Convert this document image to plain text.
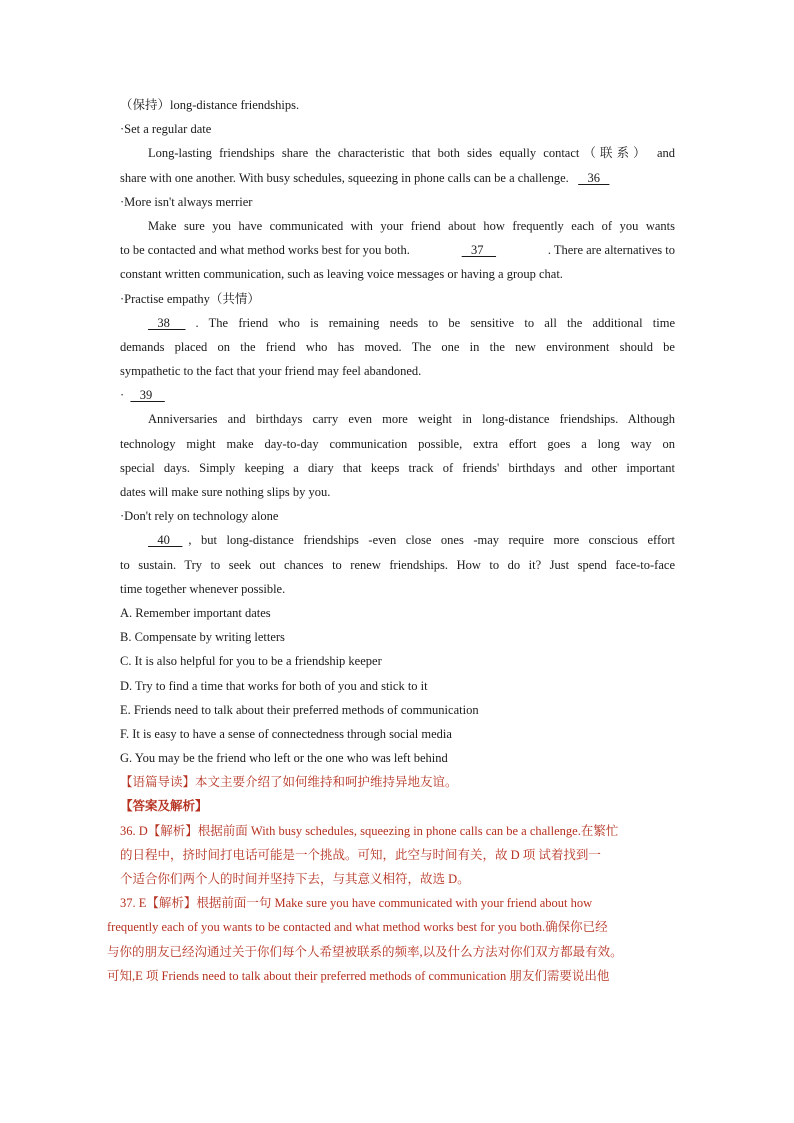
（保持）long-distance friendships.
·Set a regular date
Long-lasting friendships share the characteristic that both sides equally contact（联系） and
share with one another. With busy schedules, squeezing in phone calls can be a challenge.      36
·More isn't always merrier
Make sure you have communicated with your friend about how frequently each of you wants
to be contacted and what method works best for you both.	37	. There are alternatives to
constant written communication, such as leaving voice messages or having a group chat.
·Practise empathy（共情）
38 . The friend who is remaining needs to be sensitive to all the additional time
demands placed on the friend who has moved. The one in the new environment should be
sympathetic to the fact that your friend may feel abandoned.
·     39
Anniversaries and birthdays carry even more weight in long-distance friendships. Although
technology might make day-to-day communication possible, extra effort goes a long way on
special days. Simply keeping a diary that keeps track of friends' birthdays and other important
dates will make sure nothing slips by you.
·Don't rely on technology alone
40 , but long-distance friendships -even close ones -may require more conscious effort
to sustain. Try to seek out chances to renew friendships. How to do it? Just spend face-to-face
time together whenever possible.
A. Remember important dates
B. Compensate by writing letters
C. It is also helpful for you to be a friendship keeper
D. Try to find a time that works for both of you and stick to it
E. Friends need to talk about their preferred methods of communication
F. It is easy to have a sense of connectedness through social media
G. You may be the friend who left or the one who was left behind
【语篇导读】本文主要介绍了如何维持和呵护维持异地友谊。
【答案及解析】
36. D【解析】根据前面 With busy schedules, squeezing in phone calls can be a challenge.在繁忙
的日程中，挤时间打电话可能是一个挑战。可知，此空与时间有关，故 D 项 试着找到一
个适合你们两个人的时间并坚持下去，与其意义相符，故选 D。
37. E【解析】根据前面一句 Make sure you have communicated with your friend about how
frequently each of you wants to be contacted and what method works best for you both.确保你已经
与你的朋友已经沟通过关于你们每个人希望被联系的频率,以及什么方法对你们双方都最有效。
可知,E 项 Friends need to talk about their preferred methods of communication 朋友们需要说出他
